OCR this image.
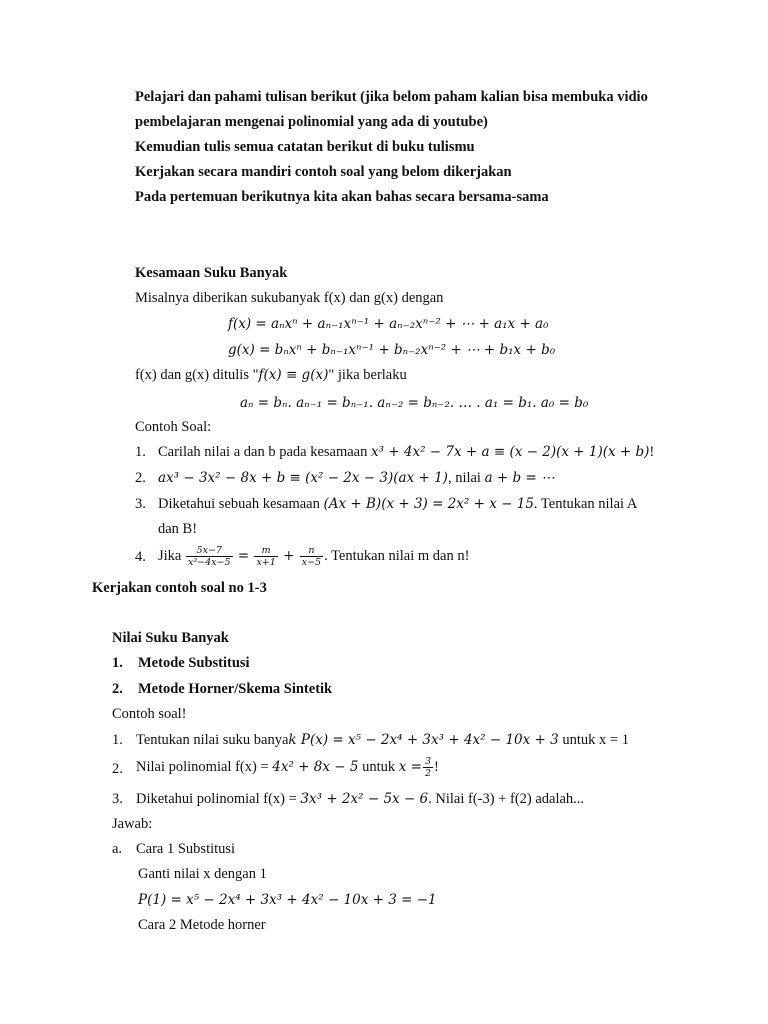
Pelajari dan pahami tulisan berikut (jika belom paham kalian bisa membuka vidio
pembelajaran mengenai polinomial yang ada di youtube)
Kemudian tulis semua catatan berikut di buku tulismu
Kerjakan secara mandiri contoh soal yang belom dikerjakan
Pada pertemuan berikutnya kita akan bahas secara bersama-sama
Kesamaan Suku Banyak
Misalnya diberikan sukubanyak f(x) dan g(x) dengan
f(x) = aₙxⁿ + aₙ₋₁xⁿ⁻¹ + aₙ₋₂xⁿ⁻² + ⋯ + a₁x + a₀
g(x) = bₙxⁿ + bₙ₋₁xⁿ⁻¹ + bₙ₋₂xⁿ⁻² + ⋯ + b₁x + b₀
f(x) dan g(x) ditulis "f(x) ≡ g(x)" jika berlaku
aₙ = bₙ. aₙ₋₁ = bₙ₋₁. aₙ₋₂ = bₙ₋₂. … . a₁ = b₁. a₀ = b₀
Contoh Soal:
1. Carilah nilai a dan b pada kesamaan x³ + 4x² − 7x + a ≡ (x − 2)(x + 1)(x + b)!
2. ax³ − 3x² − 8x + b ≡ (x² − 2x − 3)(ax + 1), nilai a + b = ⋯
3. Diketahui sebuah kesamaan (Ax + B)(x + 3) = 2x² + x − 15. Tentukan nilai A
dan B!
4. Jika $\frac{5x-7}{\text{x²−4x−5}} = \frac{m}{x+1} + \frac{n}{x-5}$ . Tentukan nilai m dan n!
Kerjakan contoh soal no 1-3
Nilai Suku Banyak
1. Metode Substitusi
2. Metode Horner/Skema Sintetik
Contoh soal!
1. Tentukan nilai suku banyak P(x) = x⁵ − 2x⁴ + 3x³ + 4x² − 10x + 3 untuk x = 1
2. Nilai polinomial f(x) = 4x² + 8x − 5 untuk $x = \frac{3}{2}$ !
3. Diketahui polinomial f(x) = 3x³ + 2x² − 5x − 6. Nilai f(-3) + f(2) adalah...
Jawab:
a. Cara 1 Substitusi
Ganti nilai x dengan 1
P(1) = x⁵ − 2x⁴ + 3x³ + 4x² − 10x + 3 = −1
Cara 2 Metode horner
